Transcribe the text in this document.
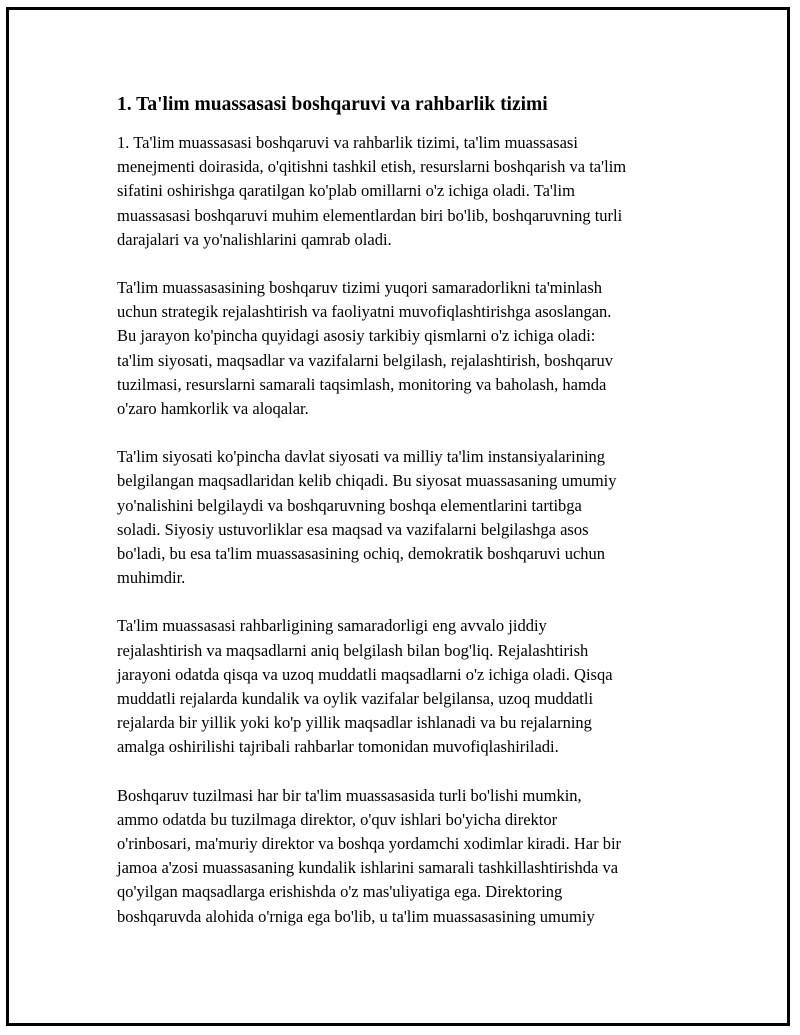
1. Ta'lim muassasasi boshqaruvi va rahbarlik tizimi

1. Ta'lim muassasasi boshqaruvi va rahbarlik tizimi, ta'lim muassasasi
menejmenti doirasida, o'qitishni tashkil etish, resurslarni boshqarish va ta'lim
sifatini oshirishga qaratilgan ko'plab omillarni o'z ichiga oladi. Ta'lim
muassasasi boshqaruvi muhim elementlardan biri bo'lib, boshqaruvning turli
darajalari va yo'nalishlarini qamrab oladi.

Ta'lim muassasasining boshqaruv tizimi yuqori samaradorlikni ta'minlash
uchun strategik rejalashtirish va faoliyatni muvofiqlashtirishga asoslangan.
Bu jarayon ko'pincha quyidagi asosiy tarkibiy qismlarni o'z ichiga oladi:
ta'lim siyosati, maqsadlar va vazifalarni belgilash, rejalashtirish, boshqaruv
tuzilmasi, resurslarni samarali taqsimlash, monitoring va baholash, hamda
o'zaro hamkorlik va aloqalar.

Ta'lim siyosati ko'pincha davlat siyosati va milliy ta'lim instansiyalarining
belgilangan maqsadlaridan kelib chiqadi. Bu siyosat muassasaning umumiy
yo'nalishini belgilaydi va boshqaruvning boshqa elementlarini tartibga
soladi. Siyosiy ustuvorliklar esa maqsad va vazifalarni belgilashga asos
bo'ladi, bu esa ta'lim muassasasining ochiq, demokratik boshqaruvi uchun
muhimdir.

Ta'lim muassasasi rahbarligining samaradorligi eng avvalo jiddiy
rejalashtirish va maqsadlarni aniq belgilash bilan bog'liq. Rejalashtirish
jarayoni odatda qisqa va uzoq muddatli maqsadlarni o'z ichiga oladi. Qisqa
muddatli rejalarda kundalik va oylik vazifalar belgilansa, uzoq muddatli
rejalarda bir yillik yoki ko'p yillik maqsadlar ishlanadi va bu rejalarning
amalga oshirilishi tajribali rahbarlar tomonidan muvofiqlashiriladi.

Boshqaruv tuzilmasi har bir ta'lim muassasasida turli bo'lishi mumkin,
ammo odatda bu tuzilmaga direktor, o'quv ishlari bo'yicha direktor
o'rinbosari, ma'muriy direktor va boshqa yordamchi xodimlar kiradi. Har bir
jamoa a'zosi muassasaning kundalik ishlarini samarali tashkillashtirishda va
qo'yilgan maqsadlarga erishishda o'z mas'uliyatiga ega. Direktoring
boshqaruvda alohida o'rniga ega bo'lib, u ta'lim muassasasining umumiy
